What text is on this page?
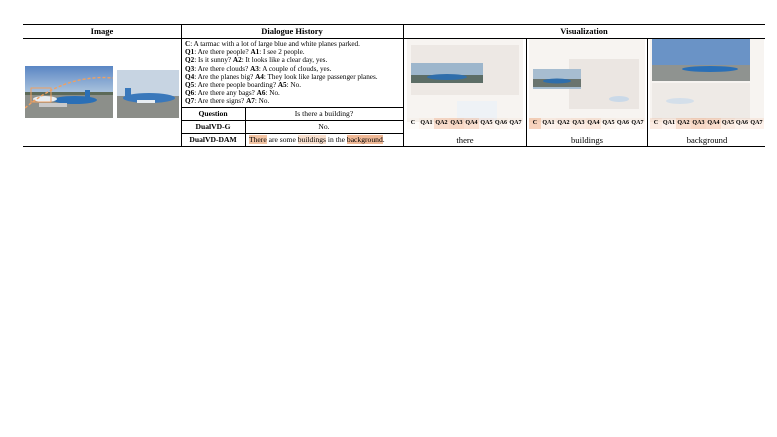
Image	Dialogue History	Visualization
C: A tarmac with a lot of large blue and white planes parked.
Q1: Are there people? A1: I see 2 people.
Q2: Is it sunny? A2: It looks like a clear day, yes.
Q3: Are there clouds? A3: A couple of clouds, yes.
Q4: Are the planes big? A4: They look like large passenger planes.
Q5: Are there people boarding? A5: No.
Q6: Are there any bags? A6: No.
Q7: Are there signs? A7: No.
Question	Is there a building?
DualVD-G	No.
DualVD-DAM	There are some buildings in the background.
C QA1 QA2 QA3 QA4 QA5 QA6 QA7	C QA1 QA2 QA3 QA4 QA5 QA6 QA7	C QA1 QA2 QA3 QA4 QA5 QA6 QA7
there	buildings	background
